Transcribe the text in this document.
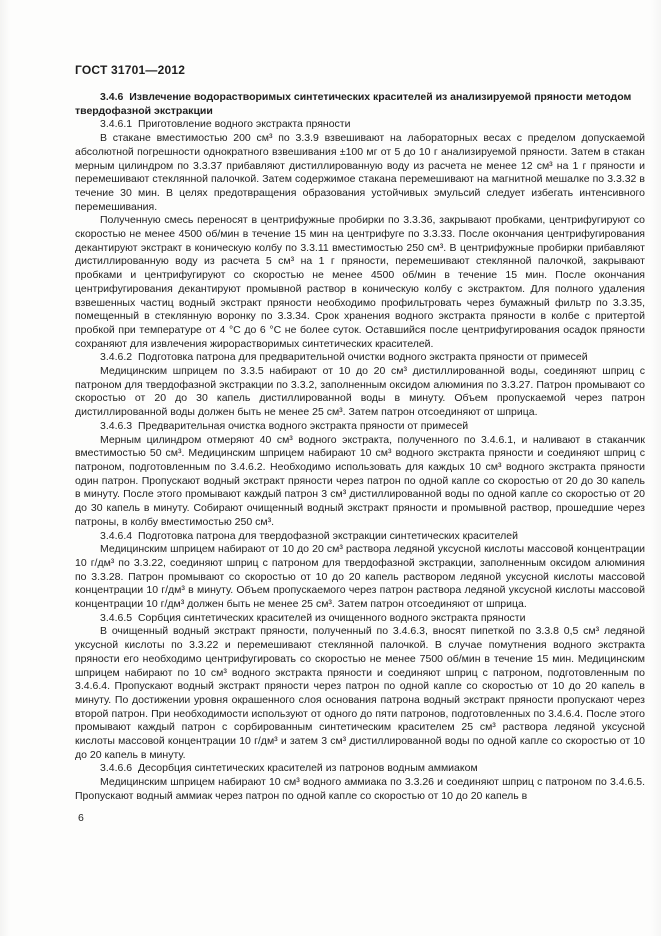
ГОСТ 31701—2012

3.4.6  Извлечение водорастворимых синтетических красителей из анализируемой пряности методом твердофазной экстракции

3.4.6.1  Приготовление водного экстракта пряности

В стакане вместимостью 200 см³ по 3.3.9 взвешивают на лабораторных весах с пределом допускаемой абсолютной погрешности однократного взвешивания ±100 мг от 5 до 10 г анализируемой пряности. Затем в стакан мерным цилиндром по 3.3.37 прибавляют дистиллированную воду из расчета не менее 12 см³ на 1 г пряности и перемешивают стеклянной палочкой. Затем содержимое стакана перемешивают на магнитной мешалке по 3.3.32 в течение 30 мин. В целях предотвращения образования устойчивых эмульсий следует избегать интенсивного перемешивания.

Полученную смесь переносят в центрифужные пробирки по 3.3.36, закрывают пробками, центрифугируют со скоростью не менее 4500 об/мин в течение 15 мин на центрифуге по 3.3.33. После окончания центрифугирования декантируют экстракт в коническую колбу по 3.3.11 вместимостью 250 см³. В центрифужные пробирки прибавляют дистиллированную воду из расчета 5 см³ на 1 г пряности, перемешивают стеклянной палочкой, закрывают пробками и центрифугируют со скоростью не менее 4500 об/мин в течение 15 мин. После окончания центрифугирования декантируют промывной раствор в коническую колбу с экстрактом. Для полного удаления взвешенных частиц водный экстракт пряности необходимо профильтровать через бумажный фильтр по 3.3.35, помещенный в стеклянную воронку по 3.3.34. Срок хранения водного экстракта пряности в колбе с притертой пробкой при температуре от 4 °С до 6 °С не более суток. Оставшийся после центрифугирования осадок пряности сохраняют для извлечения жирорастворимых синтетических красителей.

3.4.6.2  Подготовка патрона для предварительной очистки водного экстракта пряности от примесей

Медицинским шприцем по 3.3.5 набирают от 10 до 20 см³ дистиллированной воды, соединяют шприц с патроном для твердофазной экстракции по 3.3.2, заполненным оксидом алюминия по 3.3.27. Патрон промывают со скоростью от 20 до 30 капель дистиллированной воды в минуту. Объем пропускаемой через патрон дистиллированной воды должен быть не менее 25 см³. Затем патрон отсоединяют от шприца.

3.4.6.3  Предварительная очистка водного экстракта пряности от примесей

Мерным цилиндром отмеряют 40 см³ водного экстракта, полученного по 3.4.6.1, и наливают в стаканчик вместимостью 50 см³. Медицинским шприцем набирают 10 см³ водного экстракта пряности и соединяют шприц с патроном, подготовленным по 3.4.6.2. Необходимо использовать для каждых 10 см³ водного экстракта пряности один патрон. Пропускают водный экстракт пряности через патрон по одной капле со скоростью от 20 до 30 капель в минуту. После этого промывают каждый патрон 3 см³ дистиллированной воды по одной капле со скоростью от 20 до 30 капель в минуту. Собирают очищенный водный экстракт пряности и промывной раствор, прошедшие через патроны, в колбу вместимостью 250 см³.

3.4.6.4  Подготовка патрона для твердофазной экстракции синтетических красителей

Медицинским шприцем набирают от 10 до 20 см³ раствора ледяной уксусной кислоты массовой концентрации 10 г/дм³ по 3.3.22, соединяют шприц с патроном для твердофазной экстракции, заполненным оксидом алюминия по 3.3.28. Патрон промывают со скоростью от 10 до 20 капель раствором ледяной уксусной кислоты массовой концентрации 10 г/дм³ в минуту. Объем пропускаемого через патрон раствора ледяной уксусной кислоты массовой концентрации 10 г/дм³ должен быть не менее 25 см³. Затем патрон отсоединяют от шприца.

3.4.6.5  Сорбция синтетических красителей из очищенного водного экстракта пряности

В очищенный водный экстракт пряности, полученный по 3.4.6.3, вносят пипеткой по 3.3.8 0,5 см³ ледяной уксусной кислоты по 3.3.22 и перемешивают стеклянной палочкой. В случае помутнения водного экстракта пряности его необходимо центрифугировать со скоростью не менее 7500 об/мин в течение 15 мин. Медицинским шприцем набирают по 10 см³ водного экстракта пряности и соединяют шприц с патроном, подготовленным по 3.4.6.4. Пропускают водный экстракт пряности через патрон по одной капле со скоростью от 10 до 20 капель в минуту. По достижении уровня окрашенного слоя основания патрона водный экстракт пряности пропускают через второй патрон. При необходимости используют от одного до пяти патронов, подготовленных по 3.4.6.4. После этого промывают каждый патрон с сорбированным синтетическим красителем 25 см³ раствора ледяной уксусной кислоты массовой концентрации 10 г/дм³ и затем 3 см³ дистиллированной воды по одной капле со скоростью от 10 до 20 капель в минуту.

3.4.6.6  Десорбция синтетических красителей из патронов водным аммиаком

Медицинским шприцем набирают 10 см³ водного аммиака по 3.3.26 и соединяют шприц с патроном по 3.4.6.5. Пропускают водный аммиак через патрон по одной капле со скоростью от 10 до 20 капель в

6
